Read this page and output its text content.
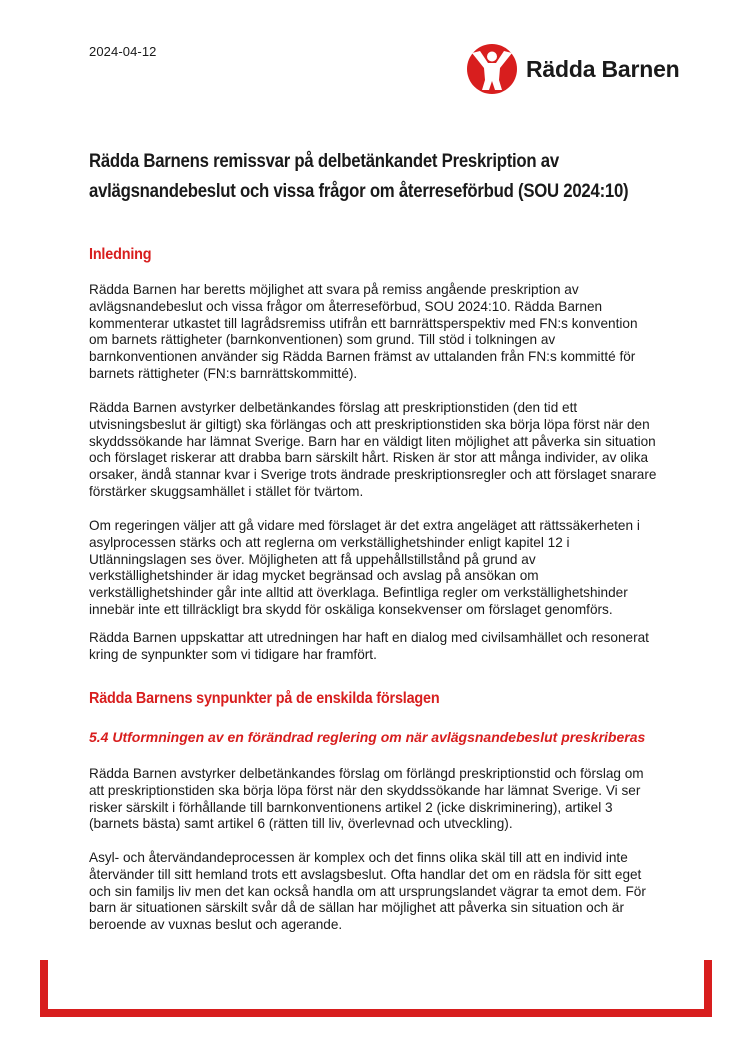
2024-04-12
Rädda Barnen
Rädda Barnens remissvar på delbetänkandet Preskription av avlägsnandebeslut och vissa frågor om återreseförbud (SOU 2024:10)
Inledning

Rädda Barnen har beretts möjlighet att svara på remiss angående preskription av avlägsnandebeslut och vissa frågor om återreseförbud, SOU 2024:10. Rädda Barnen kommenterar utkastet till lagrådsremiss utifrån ett barnrättsperspektiv med FN:s konvention om barnets rättigheter (barnkonventionen) som grund. Till stöd i tolkningen av barnkonventionen använder sig Rädda Barnen främst av uttalanden från FN:s kommitté för barnets rättigheter (FN:s barnrättskommitté).

Rädda Barnen avstyrker delbetänkandes förslag att preskriptionstiden (den tid ett utvisningsbeslut är giltigt) ska förlängas och att preskriptionstiden ska börja löpa först när den skyddssökande har lämnat Sverige. Barn har en väldigt liten möjlighet att påverka sin situation och förslaget riskerar att drabba barn särskilt hårt. Risken är stor att många individer, av olika orsaker, ändå stannar kvar i Sverige trots ändrade preskriptionsregler och att förslaget snarare förstärker skuggsamhället i stället för tvärtom.

Om regeringen väljer att gå vidare med förslaget är det extra angeläget att rättssäkerheten i asylprocessen stärks och att reglerna om verkställighetshinder enligt kapitel 12 i Utlänningslagen ses över. Möjligheten att få uppehållstillstånd på grund av verkställighetshinder är idag mycket begränsad och avslag på ansökan om verkställighetshinder går inte alltid att överklaga. Befintliga regler om verkställighetshinder innebär inte ett tillräckligt bra skydd för oskäliga konsekvenser om förslaget genomförs.

Rädda Barnen uppskattar att utredningen har haft en dialog med civilsamhället och resonerat kring de synpunkter som vi tidigare har framfört.

Rädda Barnens synpunkter på de enskilda förslagen
5.4 Utformningen av en förändrad reglering om när avlägsnandebeslut preskriberas

Rädda Barnen avstyrker delbetänkandes förslag om förlängd preskriptionstid och förslag om att preskriptionstiden ska börja löpa först när den skyddssökande har lämnat Sverige. Vi ser risker särskilt i förhållande till barnkonventionens artikel 2 (icke diskriminering), artikel 3 (barnets bästa) samt artikel 6 (rätten till liv, överlevnad och utveckling).

Asyl- och återvändandeprocessen är komplex och det finns olika skäl till att en individ inte återvänder till sitt hemland trots ett avslagsbeslut. Ofta handlar det om en rädsla för sitt eget och sin familjs liv men det kan också handla om att ursprungslandet vägrar ta emot dem. För barn är situationen särskilt svår då de sällan har möjlighet att påverka sin situation och är beroende av vuxnas beslut och agerande.
